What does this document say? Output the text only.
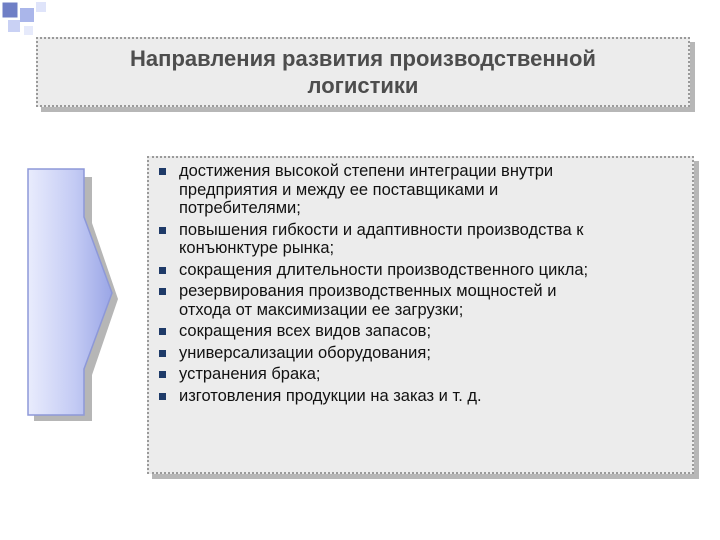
Направления развития производственной
логистики
достижения высокой степени интеграции внутри
предприятия и между ее поставщиками и
потребителями;
повышения гибкости и адаптивности производства к
конъюнктуре рынка;
сокращения длительности производственного цикла;
резервирования производственных мощностей и
отхода от максимизации ее загрузки;
сокращения всех видов запасов;
универсализации оборудования;
устранения брака;
изготовления продукции на заказ и т. д.
